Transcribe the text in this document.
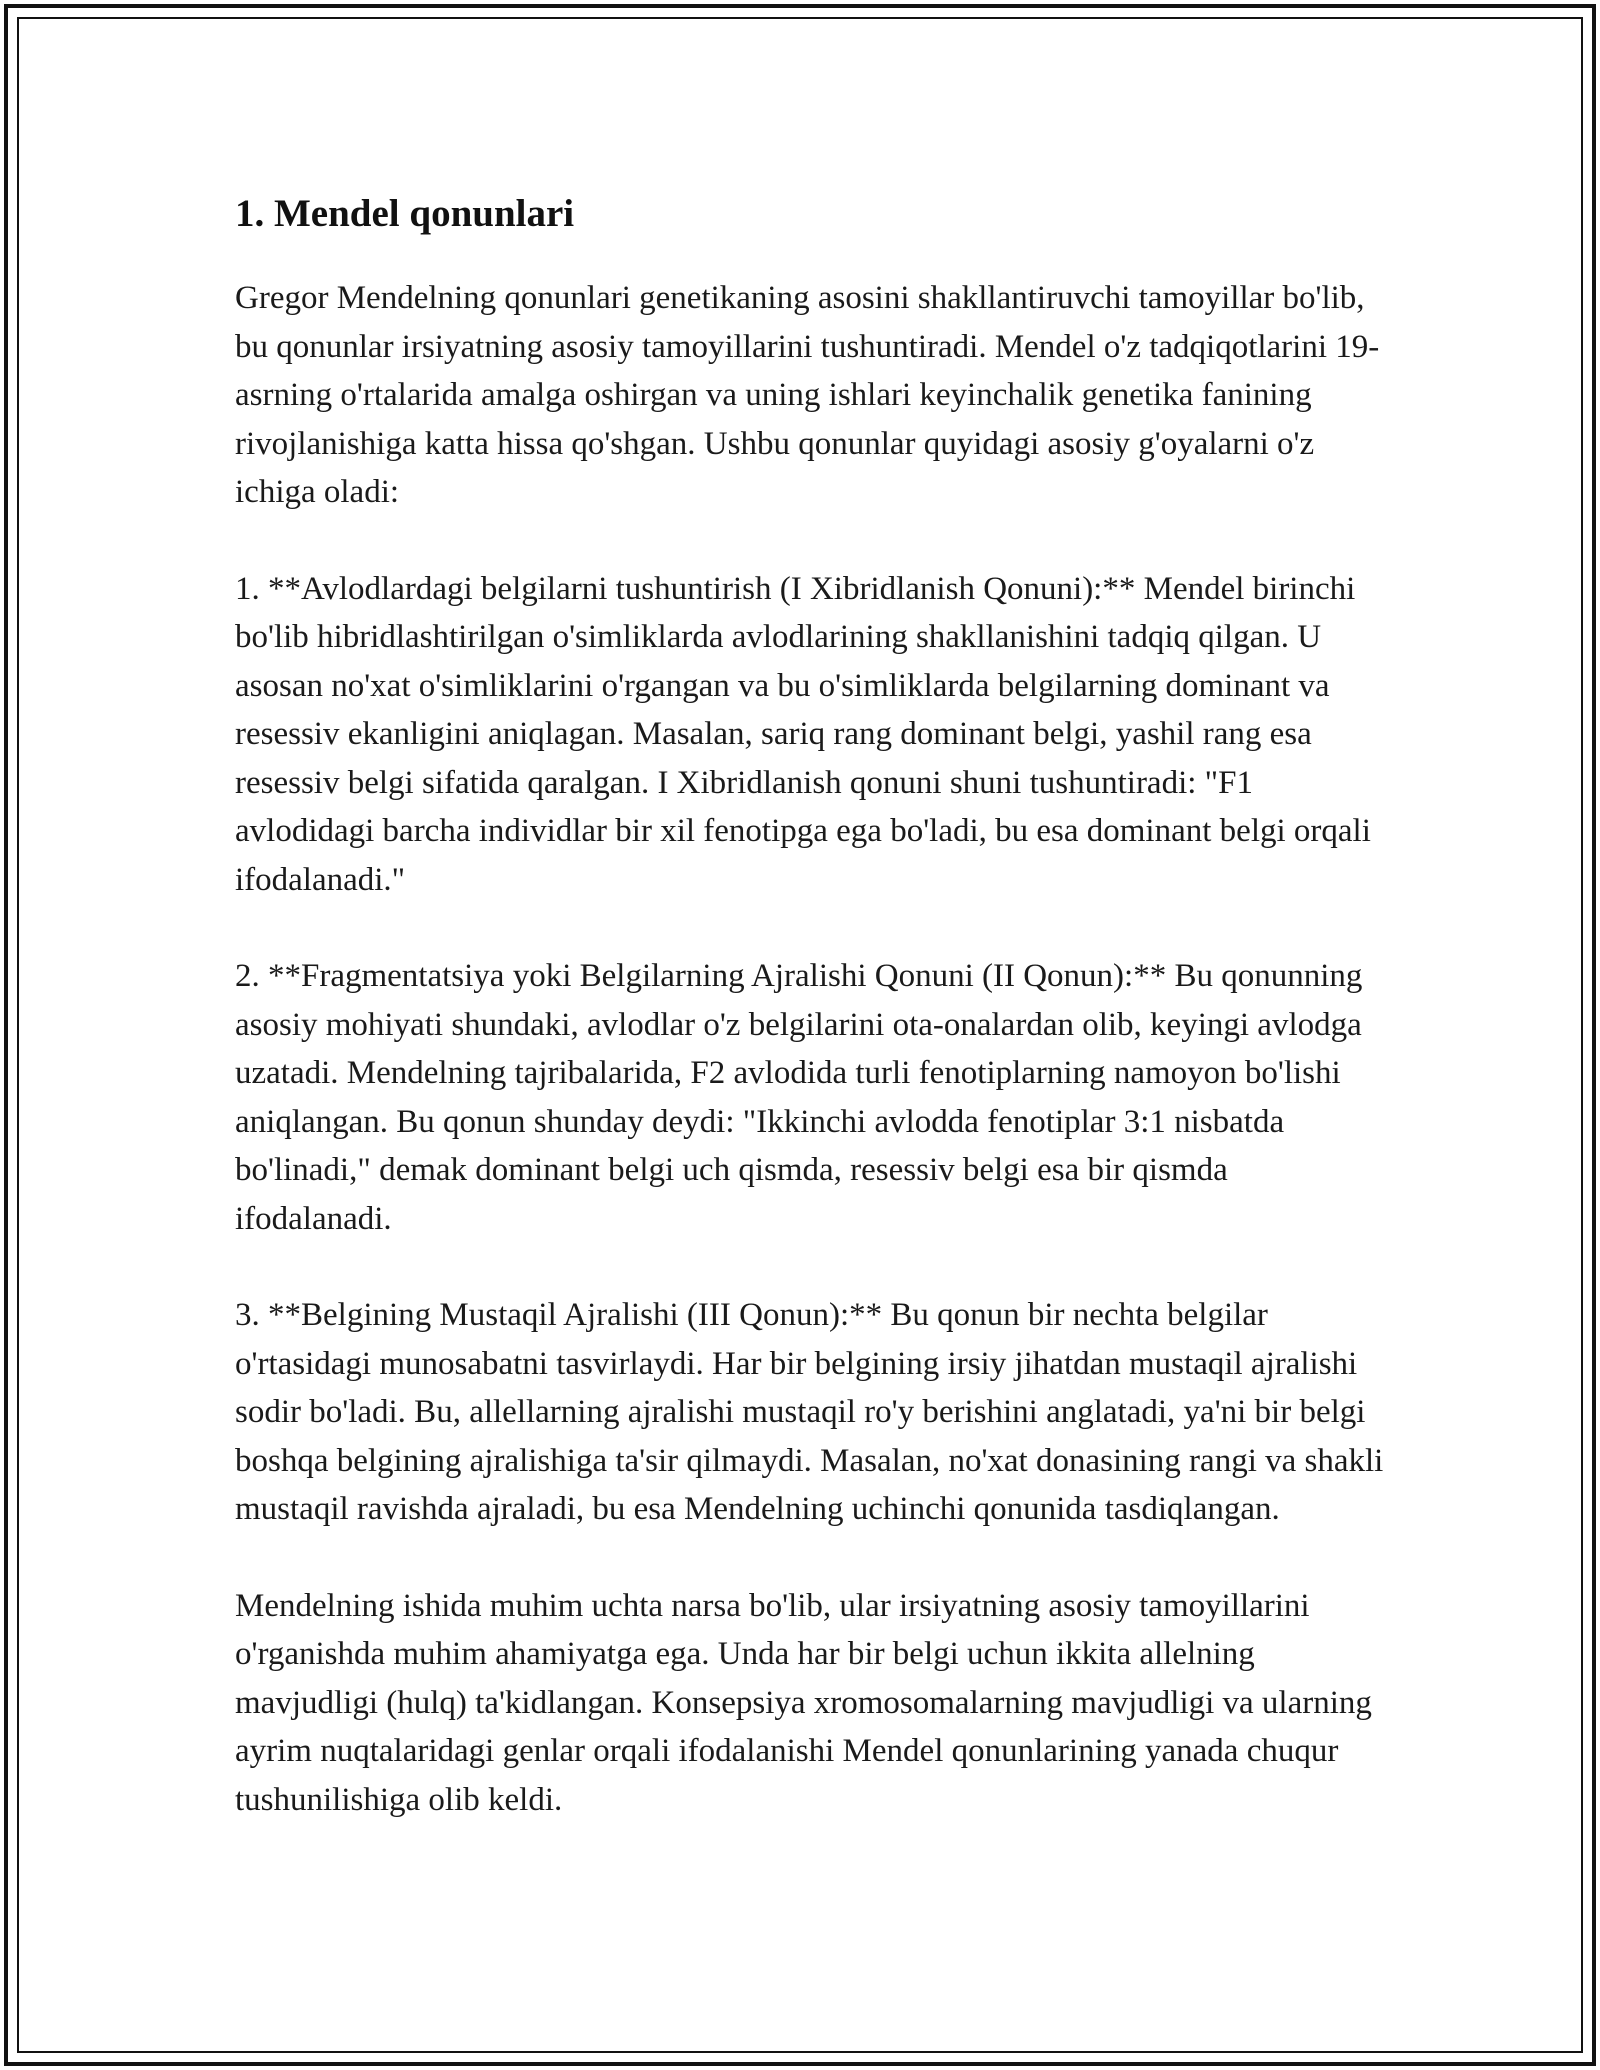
1. Mendel qonunlari

Gregor Mendelning qonunlari genetikaning asosini shakllantiruvchi tamoyillar bo'lib, bu qonunlar irsiyatning asosiy tamoyillarini tushuntiradi. Mendel o'z tadqiqotlarini 19-asrning o'rtalarida amalga oshirgan va uning ishlari keyinchalik genetika fanining rivojlanishiga katta hissa qo'shgan. Ushbu qonunlar quyidagi asosiy g'oyalarni o'z ichiga oladi:

1. **Avlodlardagi belgilarni tushuntirish (I Xibridlanish Qonuni):** Mendel birinchi bo'lib hibridlashtirilgan o'simliklarda avlodlarining shakllanishini tadqiq qilgan. U asosan no'xat o'simliklarini o'rgangan va bu o'simliklarda belgilarning dominant va resessiv ekanligini aniqlagan. Masalan, sariq rang dominant belgi, yashil rang esa resessiv belgi sifatida qaralgan. I Xibridlanish qonuni shuni tushuntiradi: "F1 avlodidagi barcha individlar bir xil fenotipga ega bo'ladi, bu esa dominant belgi orqali ifodalanadi."

2. **Fragmentatsiya yoki Belgilarning Ajralishi Qonuni (II Qonun):** Bu qonunning asosiy mohiyati shundaki, avlodlar o'z belgilarini ota-onalardan olib, keyingi avlodga uzatadi. Mendelning tajribalarida, F2 avlodida turli fenotiplarning namoyon bo'lishi aniqlangan. Bu qonun shunday deydi: "Ikkinchi avlodda fenotiplar 3:1 nisbatda bo'linadi," demak dominant belgi uch qismda, resessiv belgi esa bir qismda ifodalanadi.

3. **Belgining Mustaqil Ajralishi (III Qonun):** Bu qonun bir nechta belgilar o'rtasidagi munosabatni tasvirlaydi. Har bir belgining irsiy jihatdan mustaqil ajralishi sodir bo'ladi. Bu, allellarning ajralishi mustaqil ro'y berishini anglatadi, ya'ni bir belgi boshqa belgining ajralishiga ta'sir qilmaydi. Masalan, no'xat donasining rangi va shakli mustaqil ravishda ajraladi, bu esa Mendelning uchinchi qonunida tasdiqlangan.

Mendelning ishida muhim uchta narsa bo'lib, ular irsiyatning asosiy tamoyillarini o'rganishda muhim ahamiyatga ega. Unda har bir belgi uchun ikkita allelning mavjudligi (hulq) ta'kidlangan. Konsepsiya xromosomalarning mavjudligi va ularning ayrim nuqtalaridagi genlar orqali ifodalanishi Mendel qonunlarining yanada chuqur tushunilishiga olib keldi.
